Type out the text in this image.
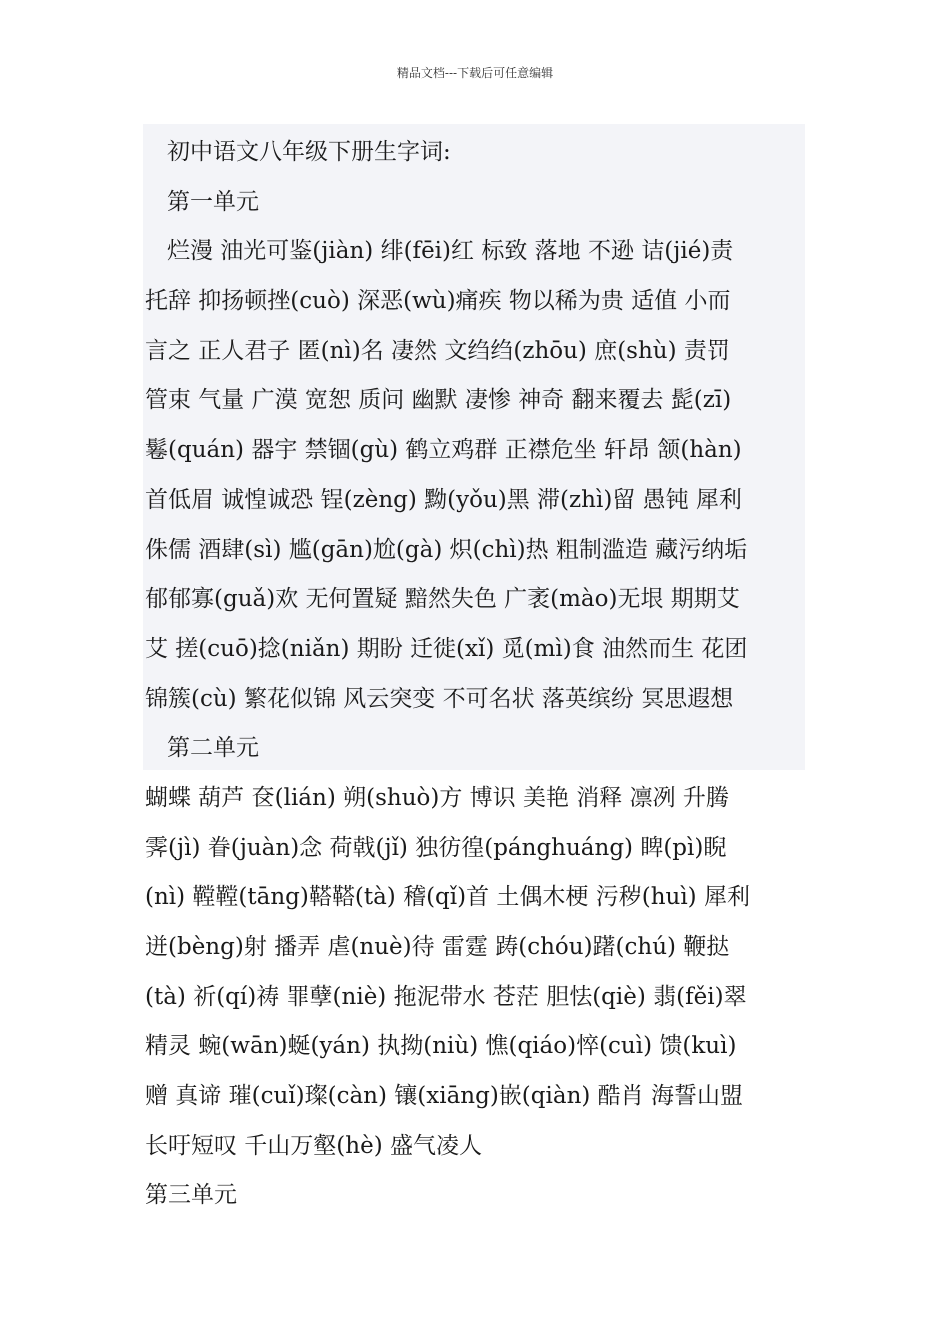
精品文档---下载后可任意编辑
初中语文八年级下册生字词:
第一单元
烂漫 油光可鉴(jiàn) 绯(fēi)红 标致 落地 不逊 诘(jié)责
托辞 抑扬顿挫(cuò) 深恶(wù)痛疾 物以稀为贵 适值 小而
言之 正人君子 匿(nì)名 凄然 文绉绉(zhōu) 庶(shù) 责罚
管束 气量 广漠 宽恕 质问 幽默 凄惨 神奇 翻来覆去 髭(zī)
鬈(quán) 器宇 禁锢(gù) 鹤立鸡群 正襟危坐 轩昂 颔(hàn)
首低眉 诚惶诚恐 锃(zèng) 黝(yǒu)黑 滞(zhì)留 愚钝 犀利
侏儒 酒肆(sì) 尴(gān)尬(gà) 炽(chì)热 粗制滥造 藏污纳垢
郁郁寡(guǎ)欢 无何置疑 黯然失色 广袤(mào)无垠 期期艾
艾 搓(cuō)捻(niǎn) 期盼 迁徙(xǐ) 觅(mì)食 油然而生 花团
锦簇(cù) 繁花似锦 风云突变 不可名状 落英缤纷 冥思遐想
第二单元
蝴蝶 葫芦 奁(lián) 朔(shuò)方 博识 美艳 消释 凛冽 升腾
霁(jì) 眷(juàn)念 荷戟(jǐ) 独彷徨(pánghuáng) 睥(pì)睨
(nì) 鞺鞺(tāng)鞳鞳(tà) 稽(qǐ)首 土偶木梗 污秽(huì) 犀利
迸(bèng)射 播弄 虐(nuè)待 雷霆 踌(chóu)躇(chú) 鞭挞
(tà) 祈(qí)祷 罪孽(niè) 拖泥带水 苍茫 胆怯(qiè) 翡(fěi)翠
精灵 蜿(wān)蜒(yán) 执拗(niù) 憔(qiáo)悴(cuì) 馈(kuì)
赠 真谛 璀(cuǐ)璨(càn) 镶(xiāng)嵌(qiàn) 酷肖 海誓山盟
长吁短叹 千山万壑(hè) 盛气凌人
第三单元
